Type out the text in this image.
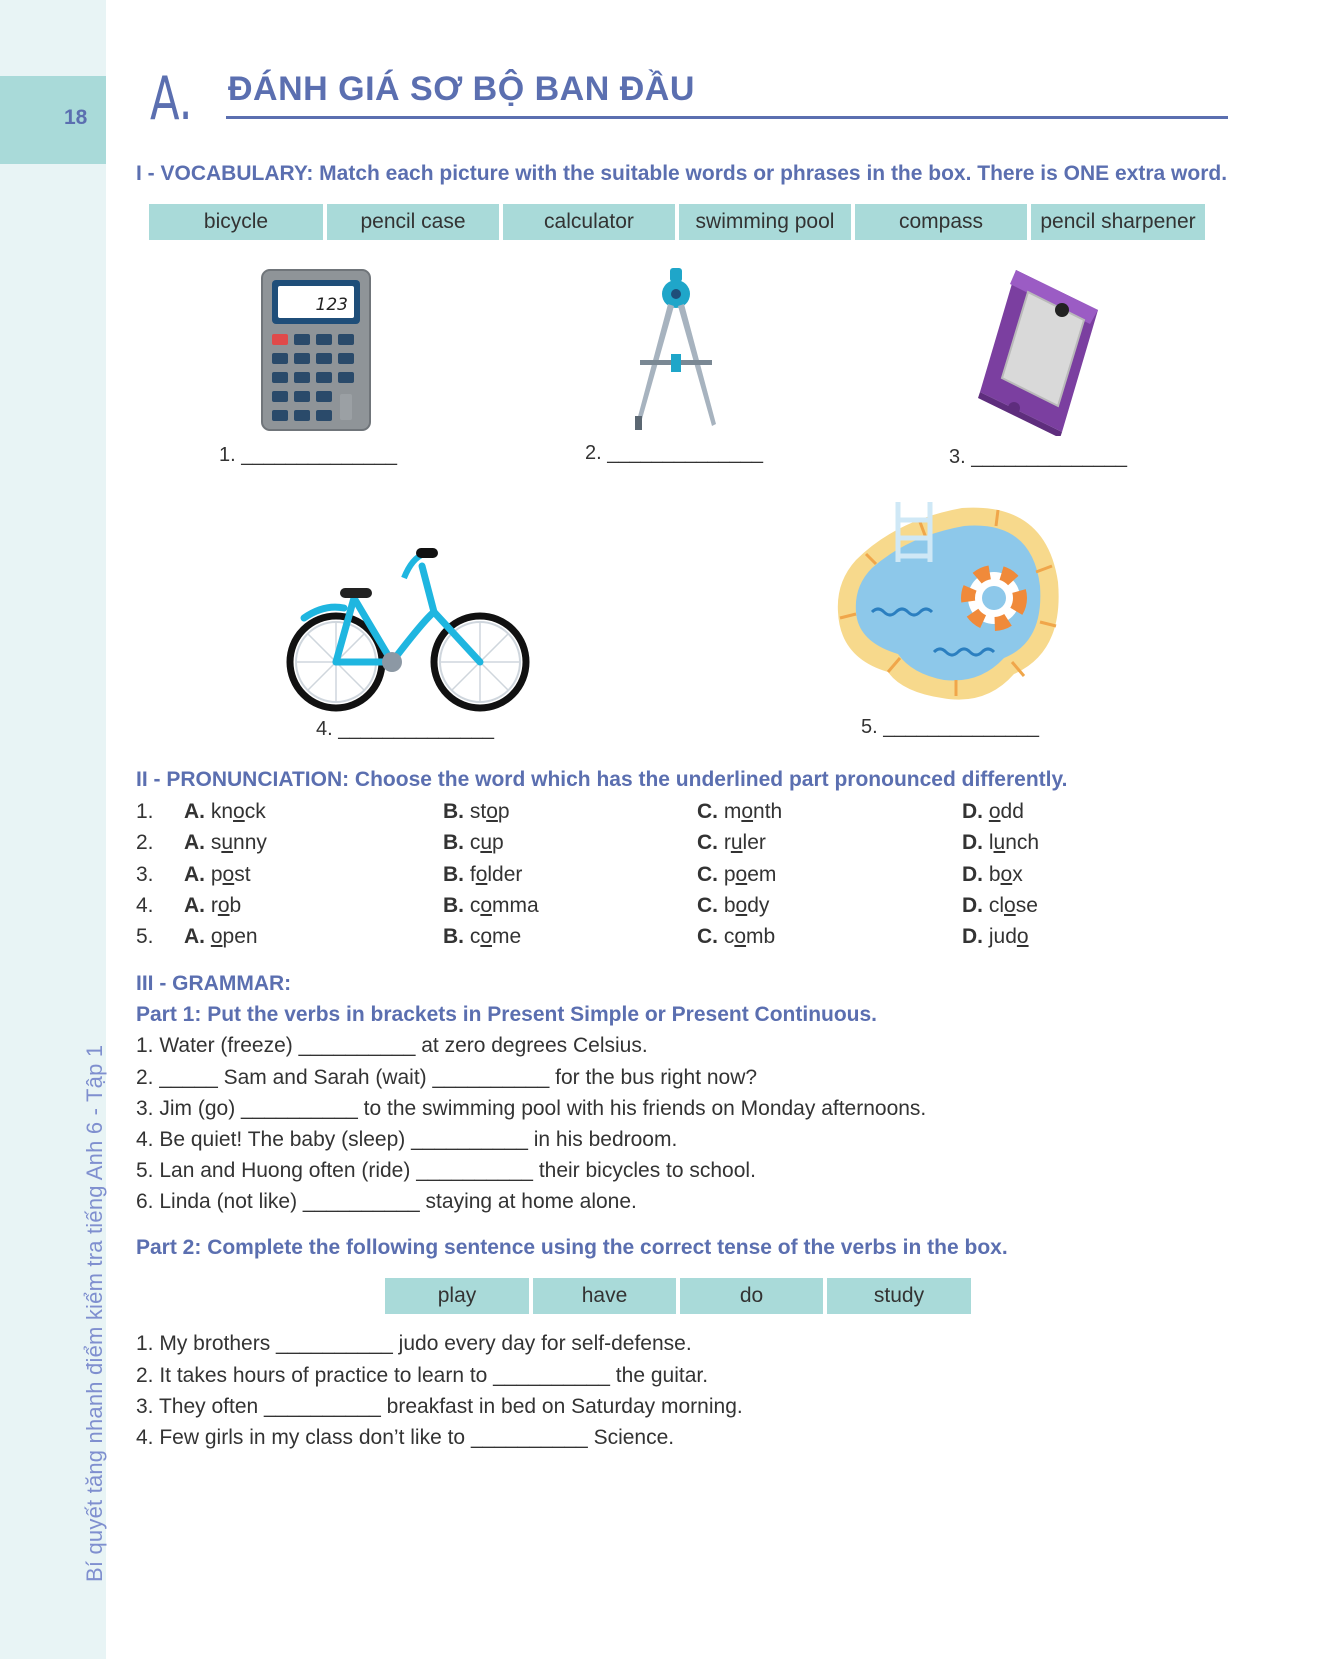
18
Bí quyết tăng nhanh điểm kiểm tra tiếng Anh 6 - Tập 1
A. ĐÁNH GIÁ SƠ BỘ BAN ĐẦU
I - VOCABULARY: Match each picture with the suitable words or phrases in the box. There is ONE extra word.
bicycle	pencil case	calculator	swimming pool	compass	pencil sharpener
123
1. ______________	2. ______________	3. ______________
4. ______________	5. ______________
II - PRONUNCIATION: Choose the word which has the underlined part pronounced differently.
1. A. knock	B. stop	C. month	D. odd
2. A. sunny	B. cup	C. ruler	D. lunch
3. A. post	B. folder	C. poem	D. box
4. A. rob	B. comma	C. body	D. close
5. A. open	B. come	C. comb	D. judo
III - GRAMMAR:
Part 1: Put the verbs in brackets in Present Simple or Present Continuous.
1. Water (freeze) __________ at zero degrees Celsius.
2. _____ Sam and Sarah (wait) __________ for the bus right now?
3. Jim (go) __________ to the swimming pool with his friends on Monday afternoons.
4. Be quiet! The baby (sleep) __________ in his bedroom.
5. Lan and Huong often (ride) __________ their bicycles to school.
6. Linda (not like) __________ staying at home alone.
Part 2: Complete the following sentence using the correct tense of the verbs in the box.
play	have	do	study
1. My brothers __________ judo every day for self-defense.
2. It takes hours of practice to learn to __________ the guitar.
3. They often __________ breakfast in bed on Saturday morning.
4. Few girls in my class don’t like to __________ Science.
